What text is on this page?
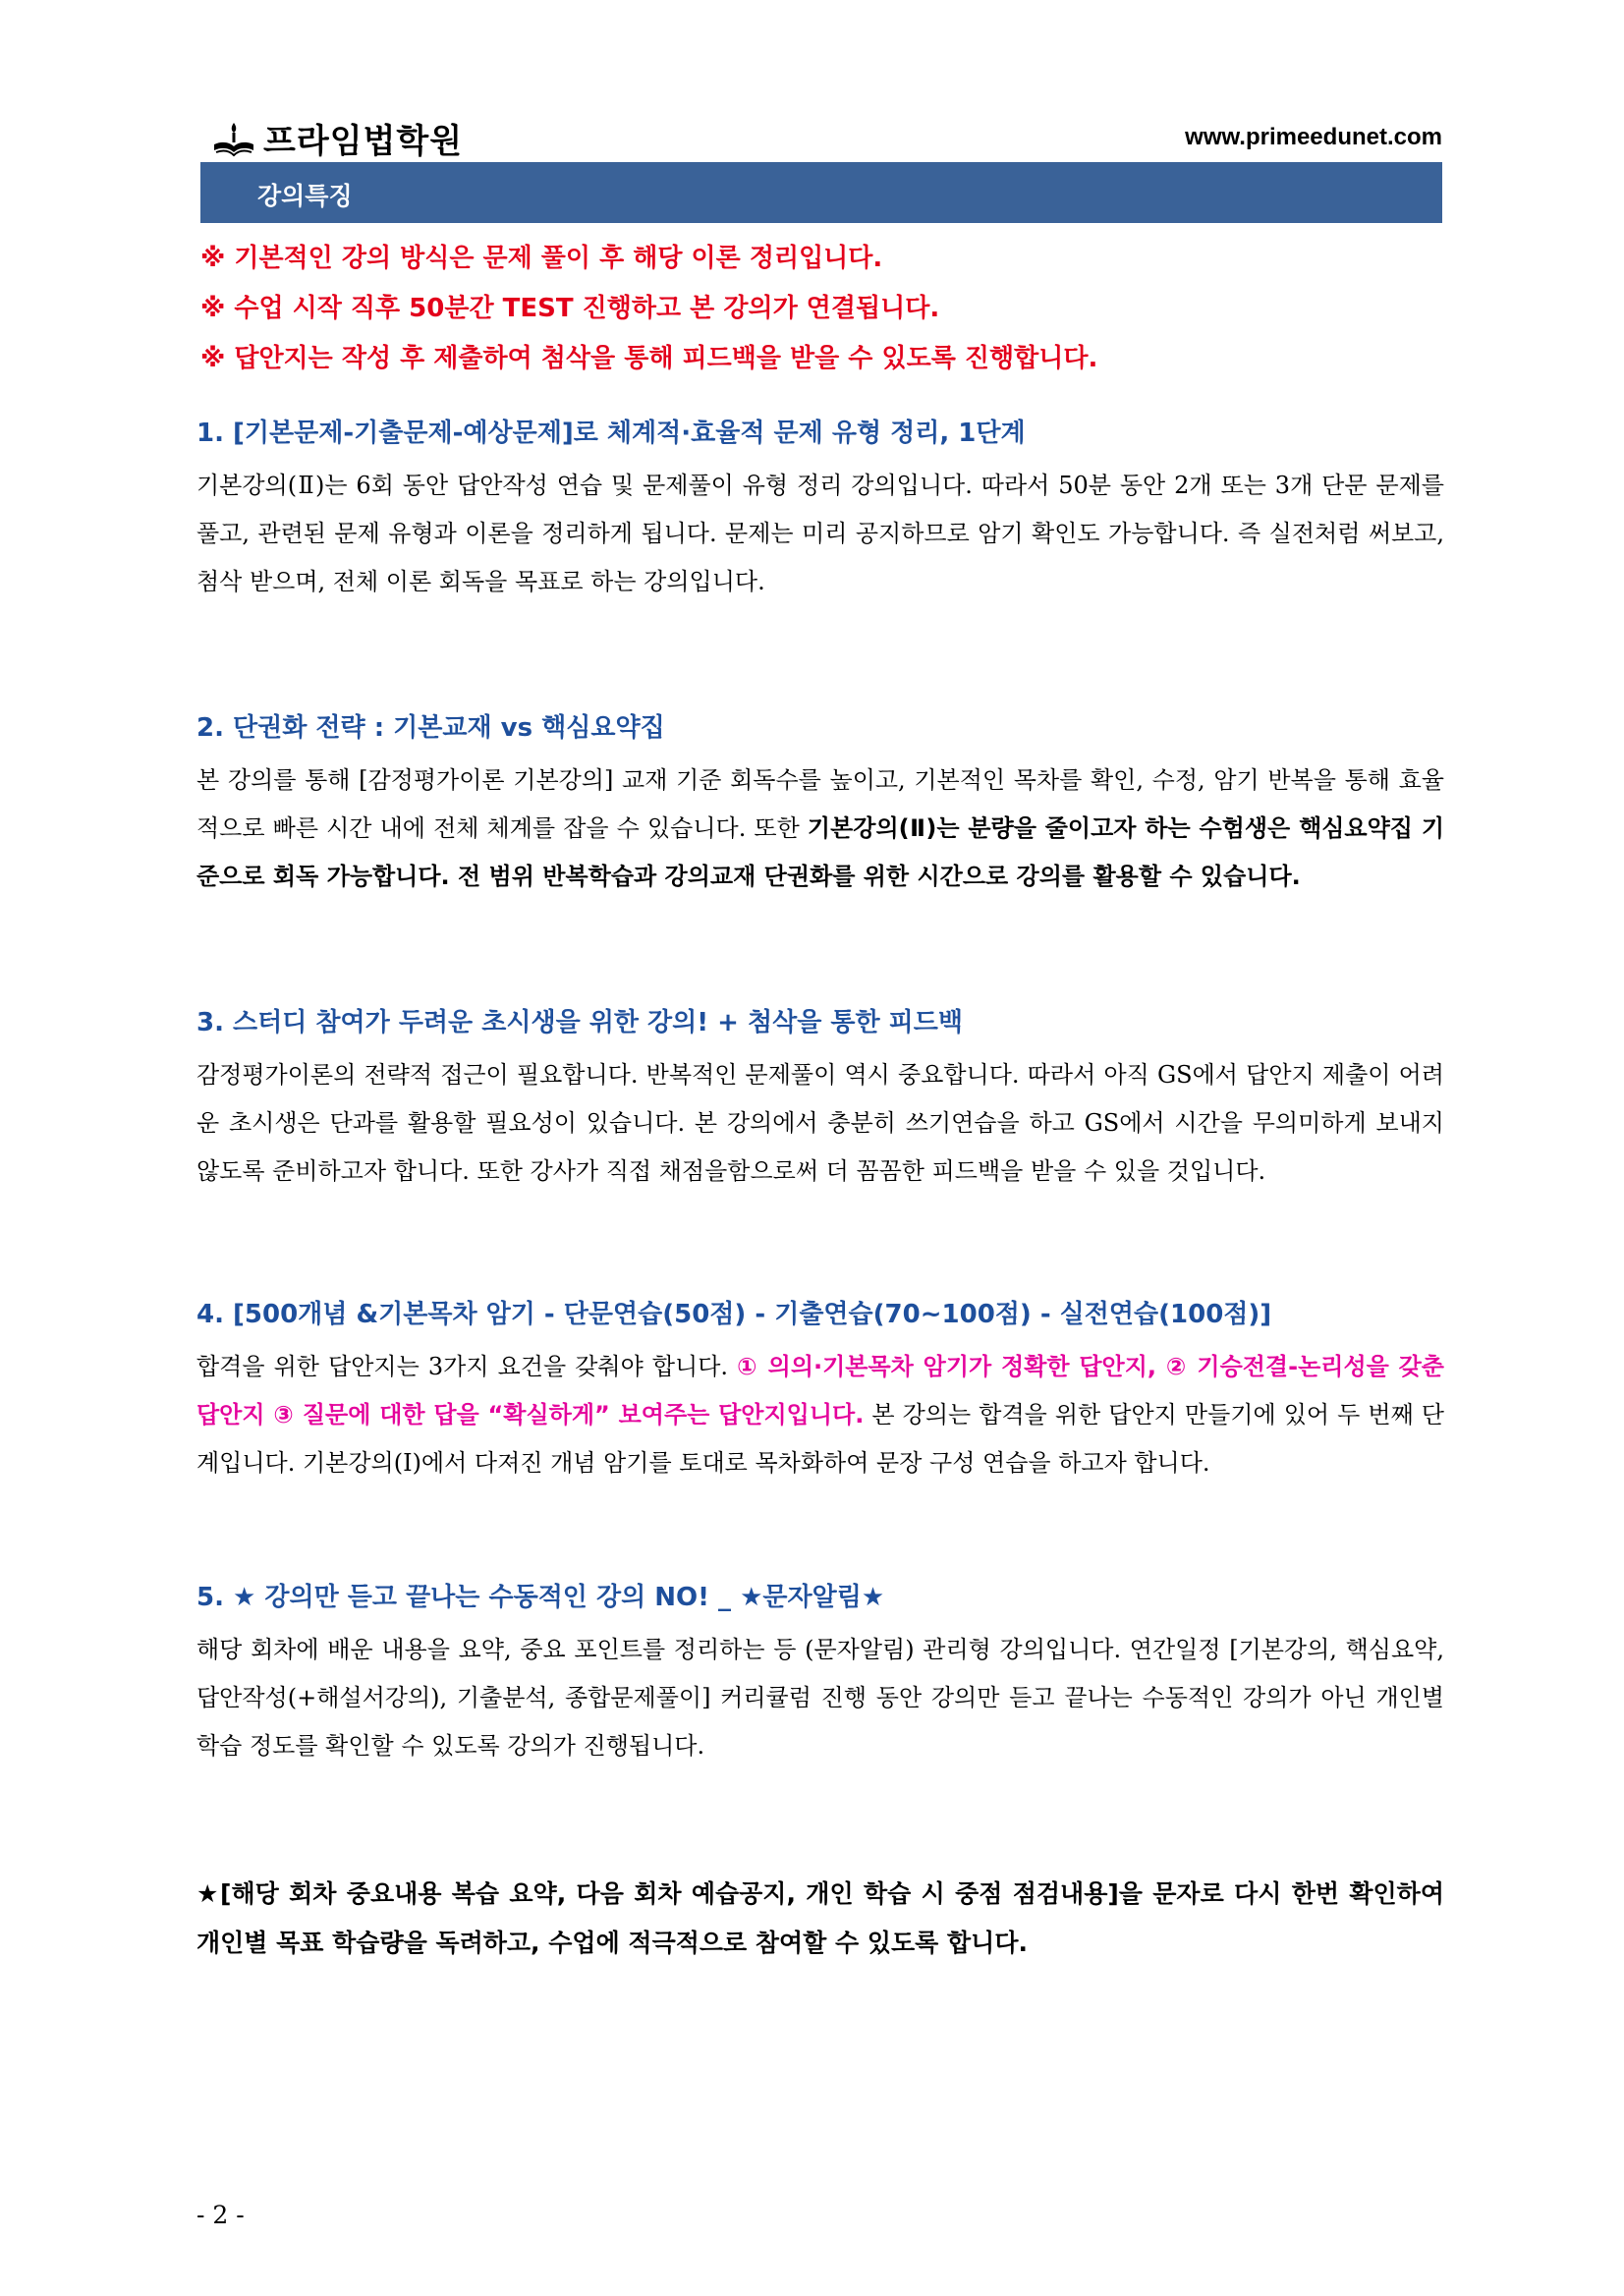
프라임법학원	www.primeedunet.com
강의특징
※ 기본적인 강의 방식은 문제 풀이 후 해당 이론 정리입니다.
※ 수업 시작 직후 50분간 TEST 진행하고 본 강의가 연결됩니다.
※ 답안지는 작성 후 제출하여 첨삭을 통해 피드백을 받을 수 있도록 진행합니다.
1. [기본문제-기출문제-예상문제]로 체계적·효율적 문제 유형 정리, 1단계

기본강의(Ⅱ)는 6회 동안 답안작성 연습 및 문제풀이 유형 정리 강의입니다. 따라서 50분 동안 2개 또는 3개 단문 문제를 풀고, 관련된 문제 유형과 이론을 정리하게 됩니다. 문제는 미리 공지하므로 암기 확인도 가능합니다. 즉 실전처럼 써보고, 첨삭 받으며, 전체 이론 회독을 목표로 하는 강의입니다.

2. 단권화 전략 : 기본교재 vs 핵심요약집

본 강의를 통해 [감정평가이론 기본강의] 교재 기준 회독수를 높이고, 기본적인 목차를 확인, 수정, 암기 반복을 통해 효율적으로 빠른 시간 내에 전체 체계를 잡을 수 있습니다. 또한 기본강의(Ⅱ)는 분량을 줄이고자 하는 수험생은 핵심요약집 기준으로 회독 가능합니다. 전 범위 반복학습과 강의교재 단권화를 위한 시간으로 강의를 활용할 수 있습니다.

3. 스터디 참여가 두려운 초시생을 위한 강의! + 첨삭을 통한 피드백

감정평가이론의 전략적 접근이 필요합니다. 반복적인 문제풀이 역시 중요합니다. 따라서 아직 GS에서 답안지 제출이 어려운 초시생은 단과를 활용할 필요성이 있습니다. 본 강의에서 충분히 쓰기연습을 하고 GS에서 시간을 무의미하게 보내지 않도록 준비하고자 합니다. 또한 강사가 직접 채점을함으로써 더 꼼꼼한 피드백을 받을 수 있을 것입니다.

4. [500개념 &기본목차 암기 - 단문연습(50점) - 기출연습(70~100점) - 실전연습(100점)]

합격을 위한 답안지는 3가지 요건을 갖춰야 합니다. ① 의의·기본목차 암기가 정확한 답안지, ② 기승전결-논리성을 갖춘 답안지 ③ 질문에 대한 답을 “확실하게” 보여주는 답안지입니다. 본 강의는 합격을 위한 답안지 만들기에 있어 두 번째 단계입니다. 기본강의(Ⅰ)에서 다져진 개념 암기를 토대로 목차화하여 문장 구성 연습을 하고자 합니다.

5. ★ 강의만 듣고 끝나는 수동적인 강의 NO! _ ★문자알림★

해당 회차에 배운 내용을 요약, 중요 포인트를 정리하는 등 (문자알림) 관리형 강의입니다. 연간일정 [기본강의, 핵심요약, 답안작성(+해설서강의), 기출분석, 종합문제풀이] 커리큘럼 진행 동안 강의만 듣고 끝나는 수동적인 강의가 아닌 개인별 학습 정도를 확인할 수 있도록 강의가 진행됩니다.

★[해당 회차 중요내용 복습 요약, 다음 회차 예습공지, 개인 학습 시 중점 점검내용]을 문자로 다시 한번 확인하여 개인별 목표 학습량을 독려하고, 수업에 적극적으로 참여할 수 있도록 합니다.

- 2 -
